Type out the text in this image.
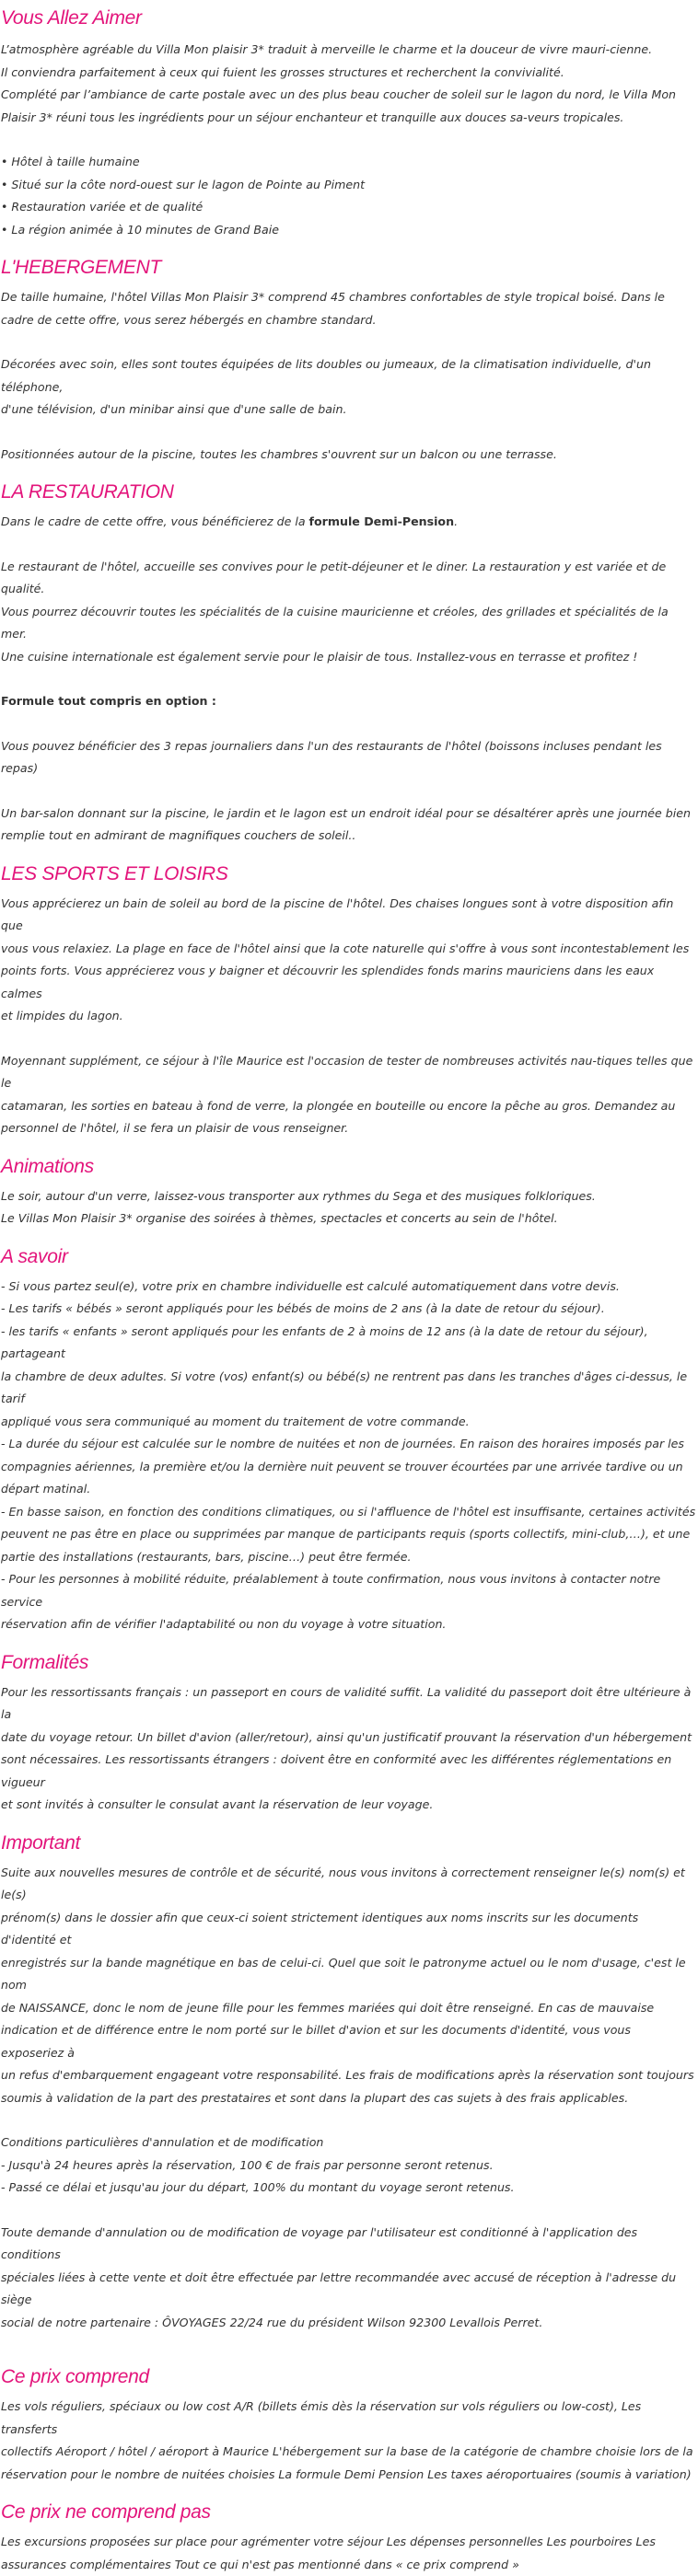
Vous Allez Aimer

L’atmosphère agréable du Villa Mon plaisir 3* traduit à merveille le charme et la douceur de vivre mauri-cienne.

Il conviendra parfaitement à ceux qui fuient les grosses structures et recherchent la convivialité.

Complété par l’ambiance de carte postale avec un des plus beau coucher de soleil sur le lagon du nord, le Villa Mon

Plaisir 3* réuni tous les ingrédients pour un séjour enchanteur et tranquille aux douces sa-veurs tropicales.

• Hôtel à taille humaine
• Situé sur la côte nord-ouest sur le lagon de Pointe au Piment
• Restauration variée et de qualité
• La région animée à 10 minutes de Grand Baie
L'HEBERGEMENT

De taille humaine, l'hôtel Villas Mon Plaisir 3* comprend 45 chambres confortables de style tropical boisé. Dans le

cadre de cette offre, vous serez hébergés en chambre standard.

Décorées avec soin, elles sont toutes équipées de lits doubles ou jumeaux, de la climatisation individuelle, d'un téléphone,

d'une télévision, d'un minibar ainsi que d'une salle de bain.

Positionnées autour de la piscine, toutes les chambres s'ouvrent sur un balcon ou une terrasse.

LA RESTAURATION

Dans le cadre de cette offre, vous bénéficierez de la formule Demi-Pension.

Le restaurant de l'hôtel, accueille ses convives pour le petit-déjeuner et le diner. La restauration y est variée et de qualité.

Vous pourrez découvrir toutes les spécialités de la cuisine mauricienne et créoles, des grillades et spécialités de la mer.

Une cuisine internationale est également servie pour le plaisir de tous. Installez-vous en terrasse et profitez !

Formule tout compris en option :

Vous pouvez bénéficier des 3 repas journaliers dans l'un des restaurants de l'hôtel (boissons incluses pendant les repas)

Un bar-salon donnant sur la piscine, le jardin et le lagon est un endroit idéal pour se désaltérer après une journée bien

remplie tout en admirant de magnifiques couchers de soleil..

LES SPORTS ET LOISIRS

Vous apprécierez un bain de soleil au bord de la piscine de l'hôtel. Des chaises longues sont à votre disposition afin que

vous vous relaxiez. La plage en face de l'hôtel ainsi que la cote naturelle qui s'offre à vous sont incontestablement les

points forts. Vous apprécierez vous y baigner et découvrir les splendides fonds marins mauriciens dans les eaux calmes

et limpides du lagon.

Moyennant supplément, ce séjour à l'île Maurice est l'occasion de tester de nombreuses activités nau-tiques telles que le

catamaran, les sorties en bateau à fond de verre, la plongée en bouteille ou encore la pêche au gros. Demandez au

personnel de l'hôtel, il se fera un plaisir de vous renseigner.

Animations

Le soir, autour d'un verre, laissez-vous transporter aux rythmes du Sega et des musiques folkloriques.

Le Villas Mon Plaisir 3* organise des soirées à thèmes, spectacles et concerts au sein de l'hôtel.

A savoir

- Si vous partez seul(e), votre prix en chambre individuelle est calculé automatiquement dans votre devis.

- Les tarifs « bébés » seront appliqués pour les bébés de moins de 2 ans (à la date de retour du séjour).

- les tarifs « enfants » seront appliqués pour les enfants de 2 à moins de 12 ans (à la date de retour du séjour), partageant

la chambre de deux adultes. Si votre (vos) enfant(s) ou bébé(s) ne rentrent pas dans les tranches d'âges ci-dessus, le tarif

appliqué vous sera communiqué au moment du traitement de votre commande.

- La durée du séjour est calculée sur le nombre de nuitées et non de journées. En raison des horaires imposés par les

compagnies aériennes, la première et/ou la dernière nuit peuvent se trouver écourtées par une arrivée tardive ou un

départ matinal.

- En basse saison, en fonction des conditions climatiques, ou si l'affluence de l'hôtel est insuffisante, certaines activités

peuvent ne pas être en place ou supprimées par manque de participants requis (sports collectifs, mini-club,…), et une

partie des installations (restaurants, bars, piscine…) peut être fermée.

- Pour les personnes à mobilité réduite, préalablement à toute confirmation, nous vous invitons à contacter notre service

réservation afin de vérifier l'adaptabilité ou non du voyage à votre situation.

Formalités

Pour les ressortissants français : un passeport en cours de validité suffit. La validité du passeport doit être ultérieure à la

date du voyage retour. Un billet d'avion (aller/retour), ainsi qu'un justificatif prouvant la réservation d'un hébergement

sont nécessaires. Les ressortissants étrangers : doivent être en conformité avec les différentes réglementations en vigueur

et sont invités à consulter le consulat avant la réservation de leur voyage.

Important

Suite aux nouvelles mesures de contrôle et de sécurité, nous vous invitons à correctement renseigner le(s) nom(s) et le(s)

prénom(s) dans le dossier afin que ceux-ci soient strictement identiques aux noms inscrits sur les documents d'identité et

enregistrés sur la bande magnétique en bas de celui-ci. Quel que soit le patronyme actuel ou le nom d'usage, c'est le nom

de NAISSANCE, donc le nom de jeune fille pour les femmes mariées qui doit être renseigné. En cas de mauvaise

indication et de différence entre le nom porté sur le billet d'avion et sur les documents d'identité, vous vous exposeriez à

un refus d'embarquement engageant votre responsabilité. Les frais de modifications après la réservation sont toujours

soumis à validation de la part des prestataires et sont dans la plupart des cas sujets à des frais applicables.

Conditions particulières d'annulation et de modification

- Jusqu'à 24 heures après la réservation, 100 € de frais par personne seront retenus.

- Passé ce délai et jusqu'au jour du départ, 100% du montant du voyage seront retenus.

Toute demande d'annulation ou de modification de voyage par l'utilisateur est conditionné à l'application des conditions

spéciales liées à cette vente et doit être effectuée par lettre recommandée avec accusé de réception à l'adresse du siège

social de notre partenaire : ÔVOYAGES 22/24 rue du président Wilson 92300 Levallois Perret.

Ce prix comprend

Les vols réguliers, spéciaux ou low cost A/R (billets émis dès la réservation sur vols réguliers ou low-cost), Les transferts

collectifs Aéroport / hôtel / aéroport à Maurice L'hébergement sur la base de la catégorie de chambre choisie lors de la

réservation pour le nombre de nuitées choisies La formule Demi Pension Les taxes aéroportuaires (soumis à variation)

Ce prix ne comprend pas

Les excursions proposées sur place pour agrémenter votre séjour Les dépenses personnelles Les pourboires Les

assurances complémentaires Tout ce qui n'est pas mentionné dans « ce prix comprend »
